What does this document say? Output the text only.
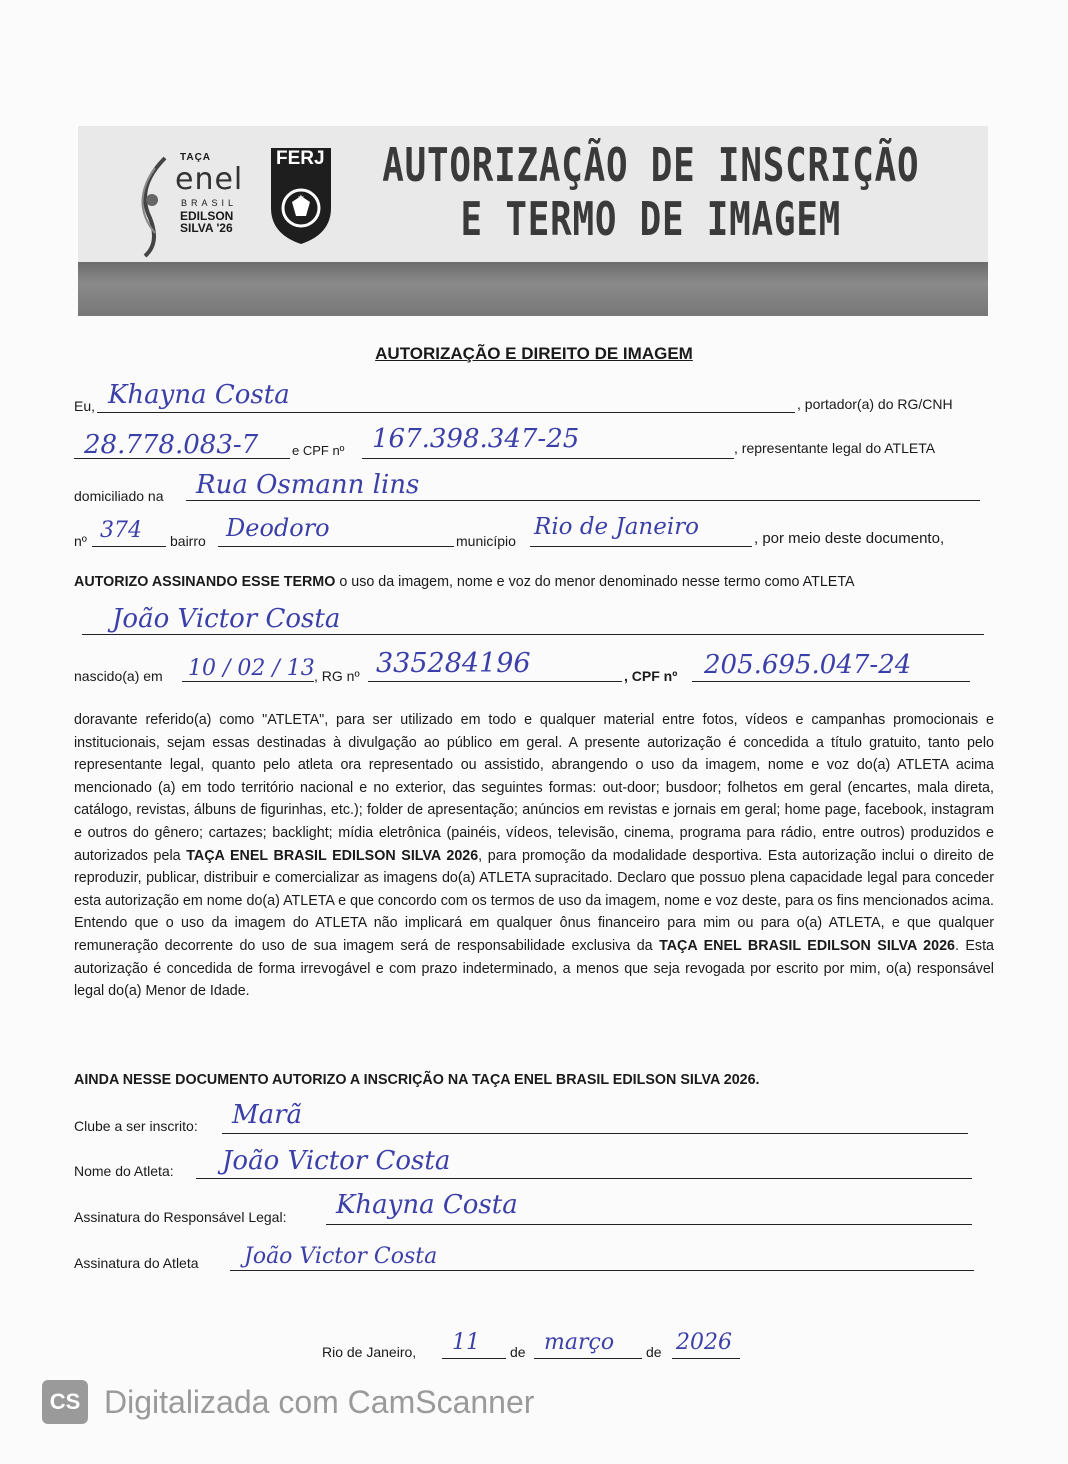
TAÇA
enel
BRASIL
EDILSON SILVA '26
★
FERJ AUTORIZAÇÃO DE INSCRIÇÃO
E TERMO DE IMAGEM
AUTORIZAÇÃO E DIREITO DE IMAGEM
Eu, Khayna Costa	, portador(a) do RG/CNH
28.778.083-7	e CPF nº 167.398.347-25	, representante legal do ATLETA
domiciliado na Rua Osmann lins
nº 374 bairro Deodoro	município
Rio de Janeiro	, por meio deste documento,
AUTORIZO ASSINANDO ESSE TERMO o uso da imagem, nome e voz do menor denominado nesse termo como ATLETA
João Victor Costa
nascido(a) em 10 / 02 / 13 , RG nº 335284196	, CPF nº 205.695.047-24
doravante referido(a) como "ATLETA", para ser utilizado em todo e qualquer material entre fotos, vídeos e campanhas promocionais e institucionais, sejam essas destinadas à divulgação ao público em geral. A presente autorização é concedida a título gratuito, tanto pelo representante legal, quanto pelo atleta ora representado ou assistido, abrangendo o uso da imagem, nome e voz do(a) ATLETA acima mencionado (a) em todo território nacional e no exterior, das seguintes formas: out-door; busdoor; folhetos em geral (encartes, mala direta, catálogo, revistas, álbuns de figurinhas, etc.); folder de apresentação; anúncios em revistas e jornais em geral; home page, facebook, instagram e outros do gênero; cartazes; backlight; mídia eletrônica (painéis, vídeos, televisão, cinema, programa para rádio, entre outros) produzidos e autorizados pela TAÇA ENEL BRASIL EDILSON SILVA 2026, para promoção da modalidade desportiva. Esta autorização inclui o direito de reproduzir, publicar, distribuir e comercializar as imagens do(a) ATLETA supracitado. Declaro que possuo plena capacidade legal para conceder esta autorização em nome do(a) ATLETA e que concordo com os termos de uso da imagem, nome e voz deste, para os fins mencionados acima. Entendo que o uso da imagem do ATLETA não implicará em qualquer ônus financeiro para mim ou para o(a) ATLETA, e que qualquer remuneração decorrente do uso de sua imagem será de responsabilidade exclusiva da TAÇA ENEL BRASIL EDILSON SILVA 2026. Esta autorização é concedida de forma irrevogável e com prazo indeterminado, a menos que seja revogada por escrito por mim, o(a) responsável legal do(a) Menor de Idade.
AINDA NESSE DOCUMENTO AUTORIZO A INSCRIÇÃO NA TAÇA ENEL BRASIL EDILSON SILVA 2026.
Clube a ser inscrito: Marã
Nome do Atleta: João Victor Costa
Assinatura do Responsável Legal: Khayna Costa
Assinatura do Atleta João Victor Costa
Rio de Janeiro, 11 de março de 2026
CS Digitalizada com CamScanner
